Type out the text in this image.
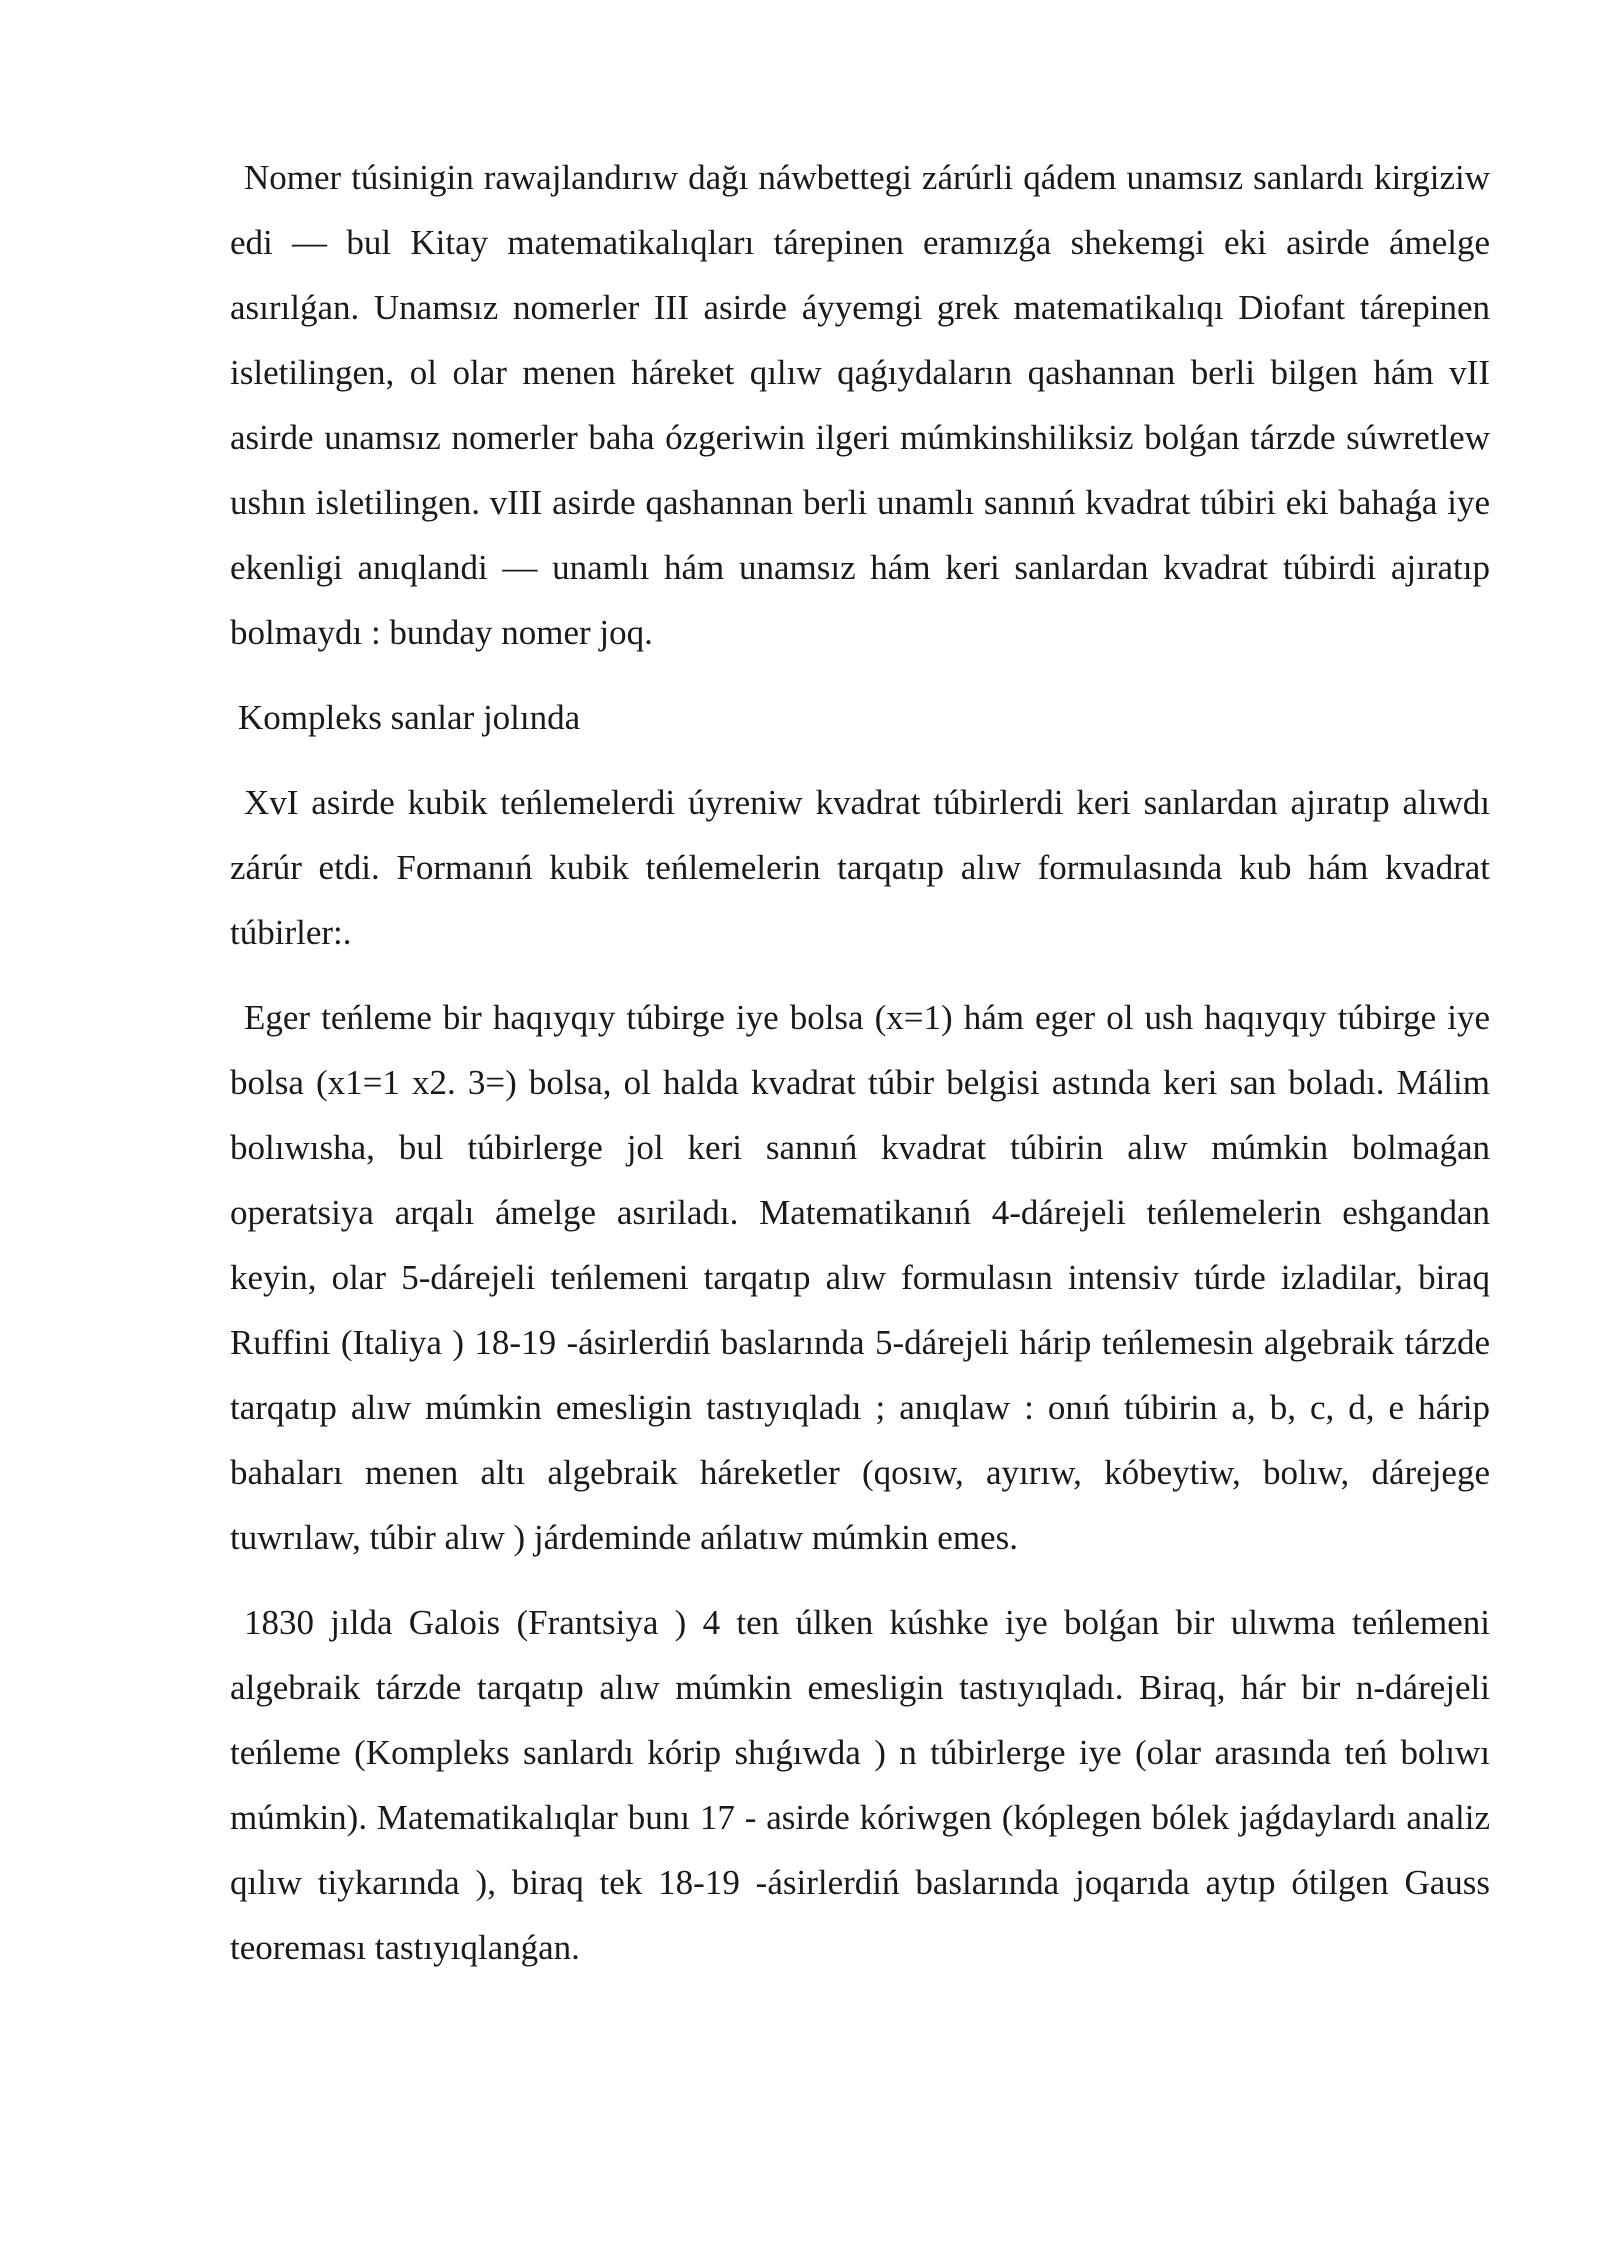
Nomer túsinigin rawajlandırıw dağı náwbettegi zárúrli qádem unamsız sanlardı kirgiziw edi — bul Kitay matematikalıqları tárepinen eramızǵa shekemgi eki asirde ámelge asırılǵan. Unamsız nomerler III asirde áyyemgi grek matematikalıqı Diofant tárepinen isletilingen, ol olar menen háreket qılıw qaǵıydaların qashannan berli bilgen hám vII asirde unamsız nomerler baha ózgeriwin ilgeri múmkinshiliksiz bolǵan tárzde súwretlew ushın isletilingen. vIII asirde qashannan berli unamlı sannıń kvadrat túbiri eki bahaǵa iye ekenligi anıqlandi — unamlı hám unamsız hám keri sanlardan kvadrat túbirdi ajıratıp bolmaydı : bunday nomer joq.

Kompleks sanlar jolında

XvI asirde kubik teńlemelerdi úyreniw kvadrat túbirlerdi keri sanlardan ajıratıp alıwdı zárúr etdi. Formanıń kubik teńlemelerin tarqatıp alıw formulasında kub hám kvadrat túbirler:.

Eger teńleme bir haqıyqıy túbirge iye bolsa (x=1) hám eger ol ush haqıyqıy túbirge iye bolsa (x1=1 x2. 3=) bolsa, ol halda kvadrat túbir belgisi astında keri san boladı. Málim bolıwısha, bul túbirlerge jol keri sannıń kvadrat túbirin alıw múmkin bolmaǵan operatsiya arqalı ámelge asıriladı. Matematikanıń 4-dárejeli teńlemelerin eshgandan keyin, olar 5-dárejeli teńlemeni tarqatıp alıw formulasın intensiv túrde izladilar, biraq Ruffini (Italiya ) 18-19 -ásirlerdiń baslarında 5-dárejeli hárip teńlemesin algebraik tárzde tarqatıp alıw múmkin emesligin tastıyıqladı ; anıqlaw : onıń túbirin a, b, c, d, e hárip bahaları menen altı algebraik háreketler (qosıw, ayırıw, kóbeytiw, bolıw, dárejege tuwrılaw, túbir alıw ) járdeminde ańlatıw múmkin emes.

1830 jılda Galois (Frantsiya ) 4 ten úlken kúshke iye bolǵan bir ulıwma teńlemeni algebraik tárzde tarqatıp alıw múmkin emesligin tastıyıqladı. Biraq, hár bir n-dárejeli teńleme (Kompleks sanlardı kórip shıǵıwda ) n túbirlerge iye (olar arasında teń bolıwı múmkin). Matematikalıqlar bunı 17 - asirde kóriwgen (kóplegen bólek jaǵdaylardı analiz qılıw tiykarında ), biraq tek 18-19 -ásirlerdiń baslarında joqarıda aytıp ótilgen Gauss teoreması tastıyıqlanǵan.
